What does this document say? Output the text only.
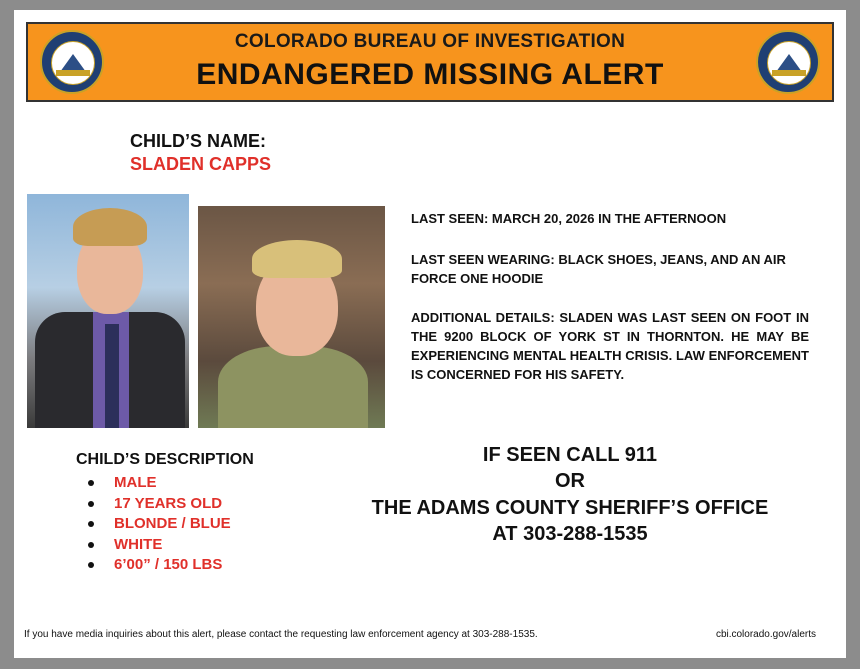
COLORADO BUREAU OF INVESTIGATION
ENDANGERED MISSING ALERT
CHILD’S NAME:
SLADEN CAPPS
LAST SEEN: MARCH 20, 2026 IN THE AFTERNOON
LAST SEEN WEARING: BLACK SHOES, JEANS, AND AN AIR FORCE ONE HOODIE
ADDITIONAL DETAILS: SLADEN WAS LAST SEEN ON FOOT IN THE 9200 BLOCK OF YORK ST IN THORNTON. HE MAY BE EXPERIENCING MENTAL HEALTH CRISIS. LAW ENFORCEMENT IS CONCERNED FOR HIS SAFETY.
CHILD’S DESCRIPTION
MALE
17 YEARS OLD
BLONDE / BLUE
WHITE
6’00” / 150 LBS
IF SEEN CALL 911
OR
THE ADAMS COUNTY SHERIFF’S OFFICE
AT 303-288-1535
If you have media inquiries about this alert, please contact the requesting law enforcement agency at 303-288-1535.	cbi.colorado.gov/alerts
